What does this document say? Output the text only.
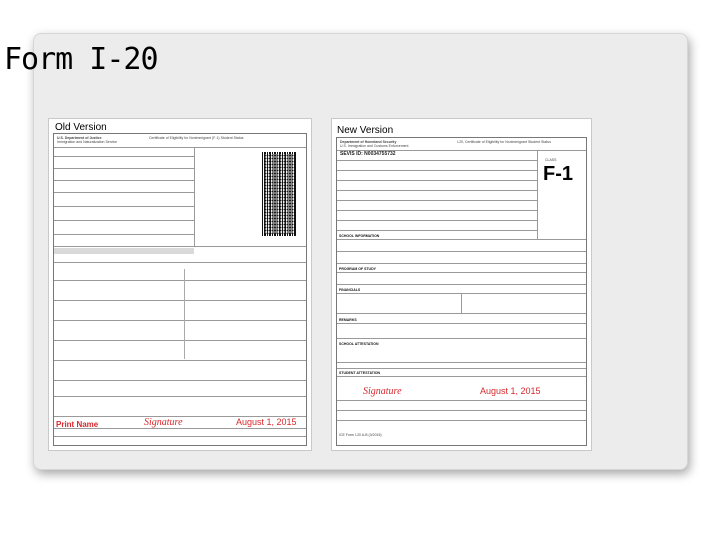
Form I-20
Old Version
U.S. Department of Justice
Immigration and Naturalization Service
Certificate of Eligibility for Nonimmigrant (F-1) Student Status
Print Name	Signature	August 1, 2015
New Version
Department of Homeland Security
U.S. Immigration and Customs Enforcement
I-20, Certificate of Eligibility for Nonimmigrant Student Status
SEVIS ID: N0034755732
CLASS
F-1
SCHOOL INFORMATION
PROGRAM OF STUDY
FINANCIALS
REMARKS
SCHOOL ATTESTATION
STUDENT ATTESTATION
Signature	August 1, 2015
ICE Form I-20 A-B (0/2015)
